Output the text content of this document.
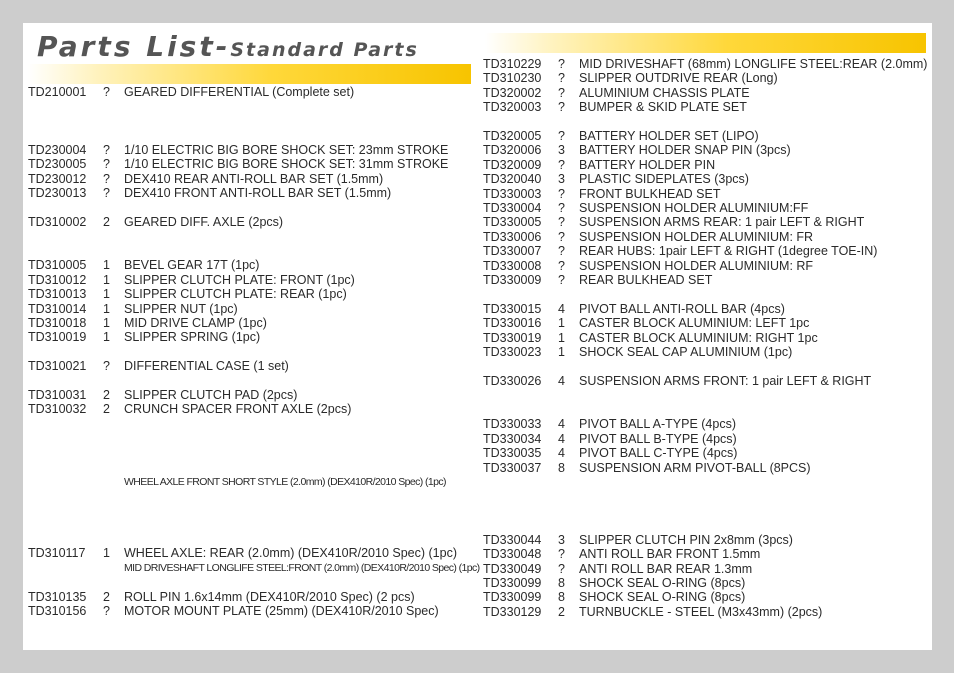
Parts List-Standard Parts
TD210001 ? GEARED DIFFERENTIAL (Complete set)
TD230004 ? 1/10 ELECTRIC BIG BORE SHOCK SET: 23mm STROKE
TD230005 ? 1/10 ELECTRIC BIG BORE SHOCK SET: 31mm STROKE
TD230012 ? DEX410 REAR ANTI-ROLL BAR SET (1.5mm)
TD230013 ? DEX410 FRONT ANTI-ROLL BAR SET (1.5mm)
TD310002 2 GEARED DIFF. AXLE (2pcs)
TD310005 1 BEVEL GEAR 17T (1pc)
TD310012 1 SLIPPER CLUTCH PLATE: FRONT (1pc)
TD310013 1 SLIPPER CLUTCH PLATE: REAR (1pc)
TD310014 1 SLIPPER NUT (1pc)
TD310018 1 MID DRIVE CLAMP (1pc)
TD310019 1 SLIPPER SPRING (1pc)
TD310021 ? DIFFERENTIAL CASE (1 set)
TD310031 2 SLIPPER CLUTCH PAD (2pcs)
TD310032 2 CRUNCH SPACER FRONT AXLE (2pcs)
WHEEL AXLE FRONT SHORT STYLE (2.0mm) (DEX410R/2010 Spec) (1pc)
TD310117 1 WHEEL AXLE: REAR (2.0mm) (DEX410R/2010 Spec) (1pc)
MID DRIVESHAFT LONGLIFE STEEL:FRONT (2.0mm) (DEX410R/2010 Spec) (1pc)
TD310135 2 ROLL PIN 1.6x14mm (DEX410R/2010 Spec) (2 pcs)
TD310156 ? MOTOR MOUNT PLATE (25mm) (DEX410R/2010 Spec)
TD310229 ? MID DRIVESHAFT (68mm) LONGLIFE STEEL:REAR (2.0mm)
TD310230 ? SLIPPER OUTDRIVE REAR (Long)
TD320002 ? ALUMINIUM CHASSIS PLATE
TD320003 ? BUMPER & SKID PLATE SET
TD320005 ? BATTERY HOLDER SET (LIPO)
TD320006 3 BATTERY HOLDER SNAP PIN (3pcs)
TD320009 ? BATTERY HOLDER PIN
TD320040 3 PLASTIC SIDEPLATES (3pcs)
TD330003 ? FRONT BULKHEAD SET
TD330004 ? SUSPENSION HOLDER ALUMINIUM:FF
TD330005 ? SUSPENSION ARMS REAR: 1 pair LEFT & RIGHT
TD330006 ? SUSPENSION HOLDER ALUMINIUM: FR
TD330007 ? REAR HUBS: 1pair LEFT & RIGHT (1degree TOE-IN)
TD330008 ? SUSPENSION HOLDER ALUMINIUM: RF
TD330009 ? REAR BULKHEAD SET
TD330015 4 PIVOT BALL ANTI-ROLL BAR (4pcs)
TD330016 1 CASTER BLOCK ALUMINIUM: LEFT 1pc
TD330019 1 CASTER BLOCK ALUMINIUM: RIGHT 1pc
TD330023 1 SHOCK SEAL CAP ALUMINIUM (1pc)
TD330026 4 SUSPENSION ARMS FRONT: 1 pair LEFT & RIGHT
TD330033 4 PIVOT BALL A-TYPE (4pcs)
TD330034 4 PIVOT BALL B-TYPE (4pcs)
TD330035 4 PIVOT BALL C-TYPE (4pcs)
TD330037 8 SUSPENSION ARM PIVOT-BALL (8PCS)
TD330044 3 SLIPPER CLUTCH PIN 2x8mm (3pcs)
TD330048 ? ANTI ROLL BAR FRONT 1.5mm
TD330049 ? ANTI ROLL BAR REAR 1.3mm
TD330099 8 SHOCK SEAL O-RING (8pcs)
TD330099 8 SHOCK SEAL O-RING (8pcs)
TD330129 2 TURNBUCKLE - STEEL (M3x43mm) (2pcs)
